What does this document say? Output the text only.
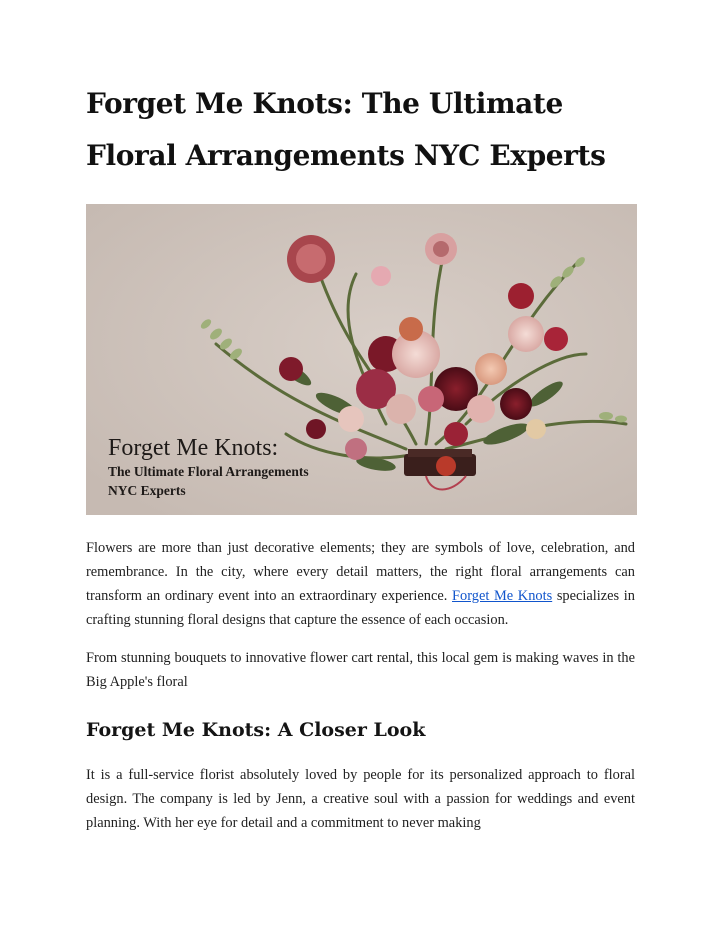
Forget Me Knots: The Ultimate
Floral Arrangements NYC Experts
Forget Me Knots:
The Ultimate Floral Arrangements
NYC Experts

Flowers are more than just decorative elements; they are symbols of love, celebration, and remembrance. In the city, where every detail matters, the right floral arrangements can transform an ordinary event into an extraordinary experience. Forget Me Knots specializes in crafting stunning floral designs that capture the essence of each occasion.

From stunning bouquets to innovative flower cart rental, this local gem is making waves in the Big Apple's floral

Forget Me Knots: A Closer Look

It is a full-service florist absolutely loved by people for its personalized approach to floral design. The company is led by Jenn, a creative soul with a passion for weddings and event planning. With her eye for detail and a commitment to never making
